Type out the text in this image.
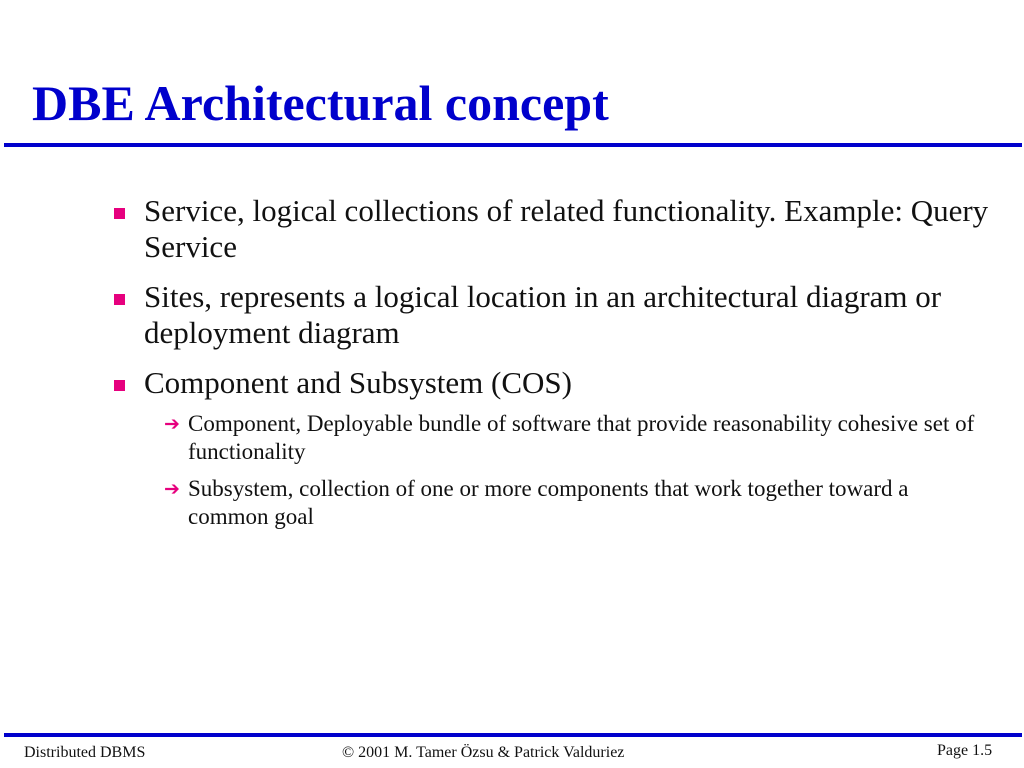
DBE Architectural concept
Service, logical collections of related functionality. Example: Query Service
Sites, represents a logical location in an architectural diagram or deployment diagram
Component and Subsystem (COS)
➔ Component, Deployable bundle of software that provide reasonability cohesive set of functionality
➔ Subsystem, collection of one or more components that work together toward a common goal
Distributed DBMS	© 2001 M. Tamer Özsu & Patrick Valduriez	Page 1.5
